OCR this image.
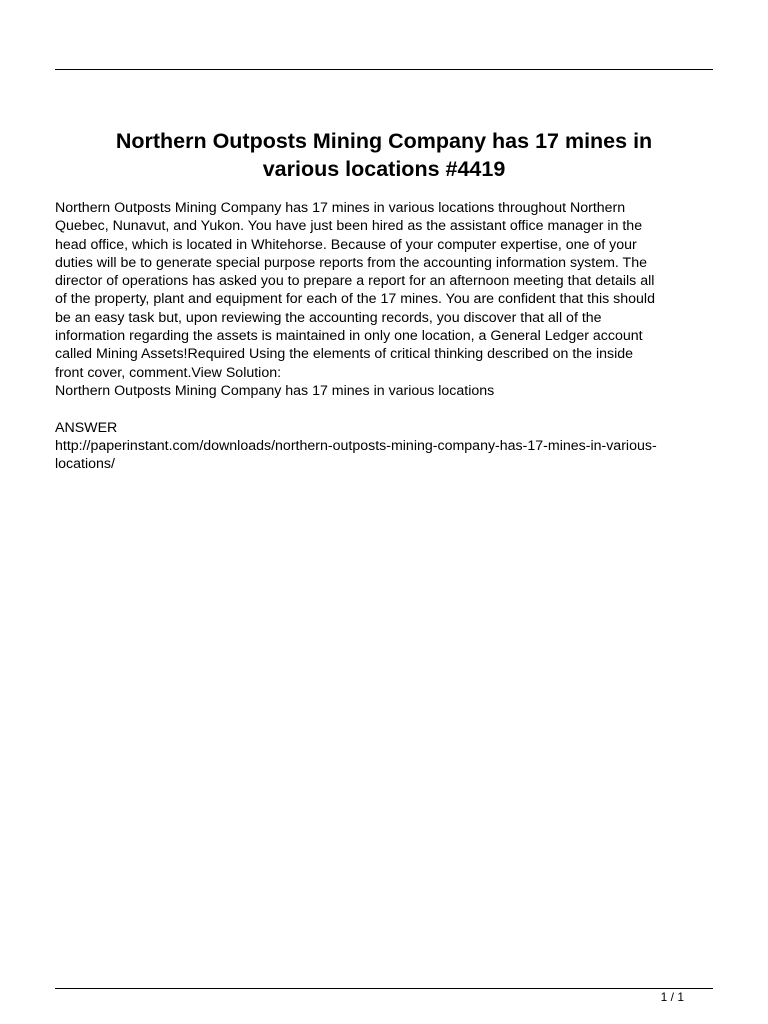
Northern Outposts Mining Company has 17 mines in
various locations #4419

Northern Outposts Mining Company has 17 mines in various locations throughout Northern
Quebec, Nunavut, and Yukon. You have just been hired as the assistant office manager in the
head office, which is located in Whitehorse. Because of your computer expertise, one of your
duties will be to generate special purpose reports from the accounting information system. The
director of operations has asked you to prepare a report for an afternoon meeting that details all
of the property, plant and equipment for each of the 17 mines. You are confident that this should
be an easy task but, upon reviewing the accounting records, you discover that all of the
information regarding the assets is maintained in only one location, a General Ledger account
called Mining Assets!Required Using the elements of critical thinking described on the inside
front cover, comment.View Solution:
Northern Outposts Mining Company has 17 mines in various locations

ANSWER

http://paperinstant.com/downloads/northern-outposts-mining-company-has-17-mines-in-various-
locations/

1 / 1
